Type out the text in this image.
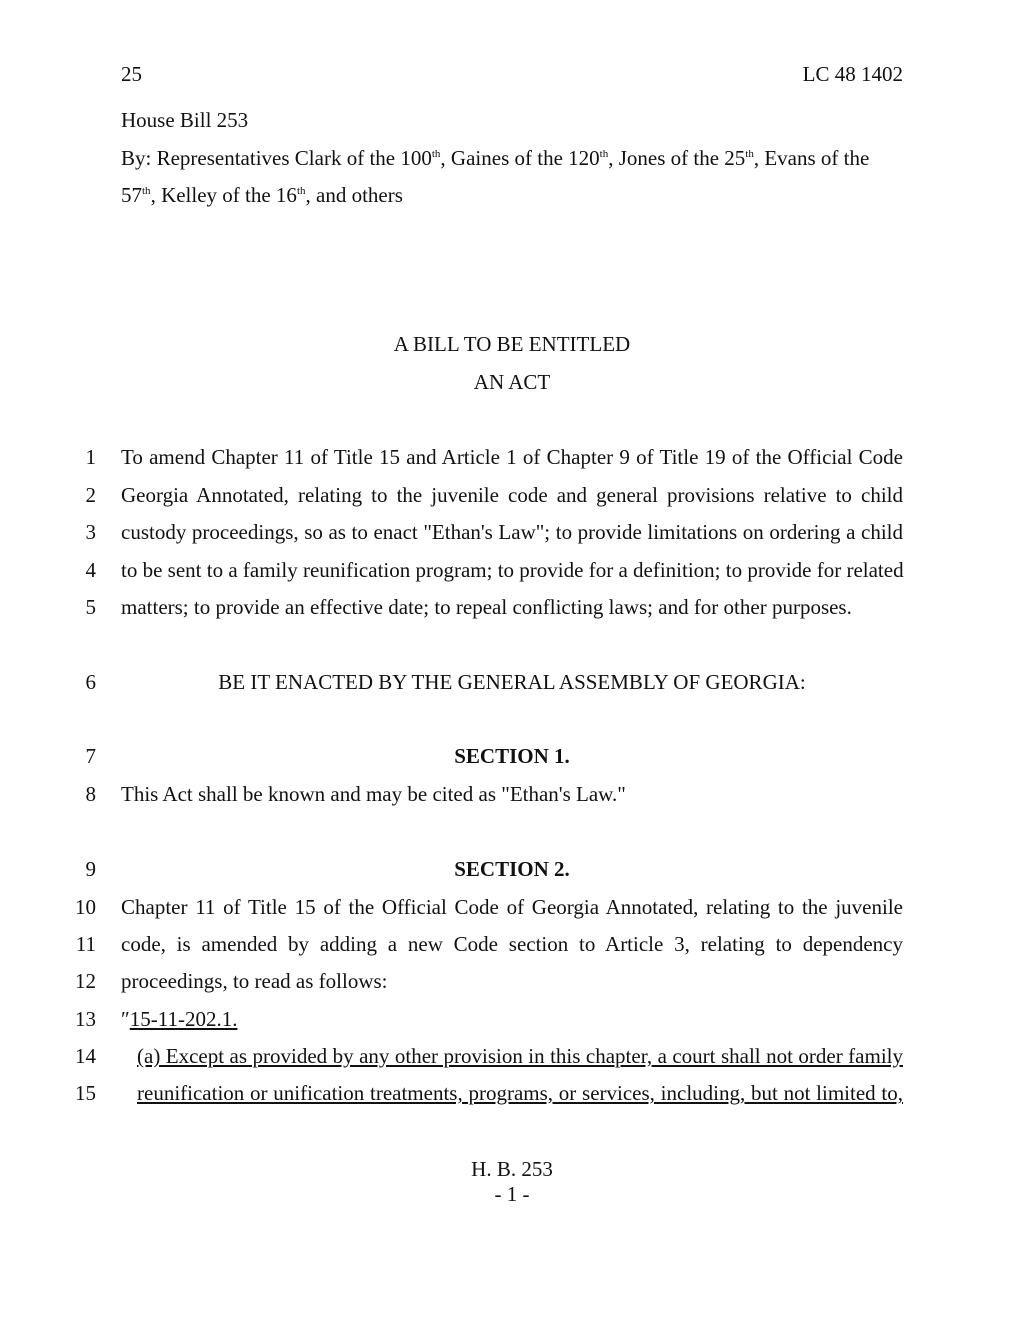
25	LC 48 1402
House Bill 253
By: Representatives Clark of the 100th, Gaines of the 120th, Jones of the 25th, Evans of the
57th, Kelley of the 16th, and others
A BILL TO BE ENTITLED
AN ACT
1 To amend Chapter 11 of Title 15 and Article 1 of Chapter 9 of Title 19 of the Official Code
2 Georgia Annotated, relating to the juvenile code and general provisions relative to child
3 custody proceedings, so as to enact "Ethan's Law"; to provide limitations on ordering a child
4 to be sent to a family reunification program; to provide for a definition; to provide for related
5 matters; to provide an effective date; to repeal conflicting laws; and for other purposes.
6	BE IT ENACTED BY THE GENERAL ASSEMBLY OF GEORGIA:
7	SECTION 1.
8 This Act shall be known and may be cited as "Ethan's Law."
9	SECTION 2.
10 Chapter 11 of Title 15 of the Official Code of Georgia Annotated, relating to the juvenile
11 code, is amended by adding a new Code section to Article 3, relating to dependency
12 proceedings, to read as follows:
13 ″15-11-202.1.
14 (a) Except as provided by any other provision in this chapter, a court shall not order family
15 reunification or unification treatments, programs, or services, including, but not limited to,
H. B. 253
- 1 -
